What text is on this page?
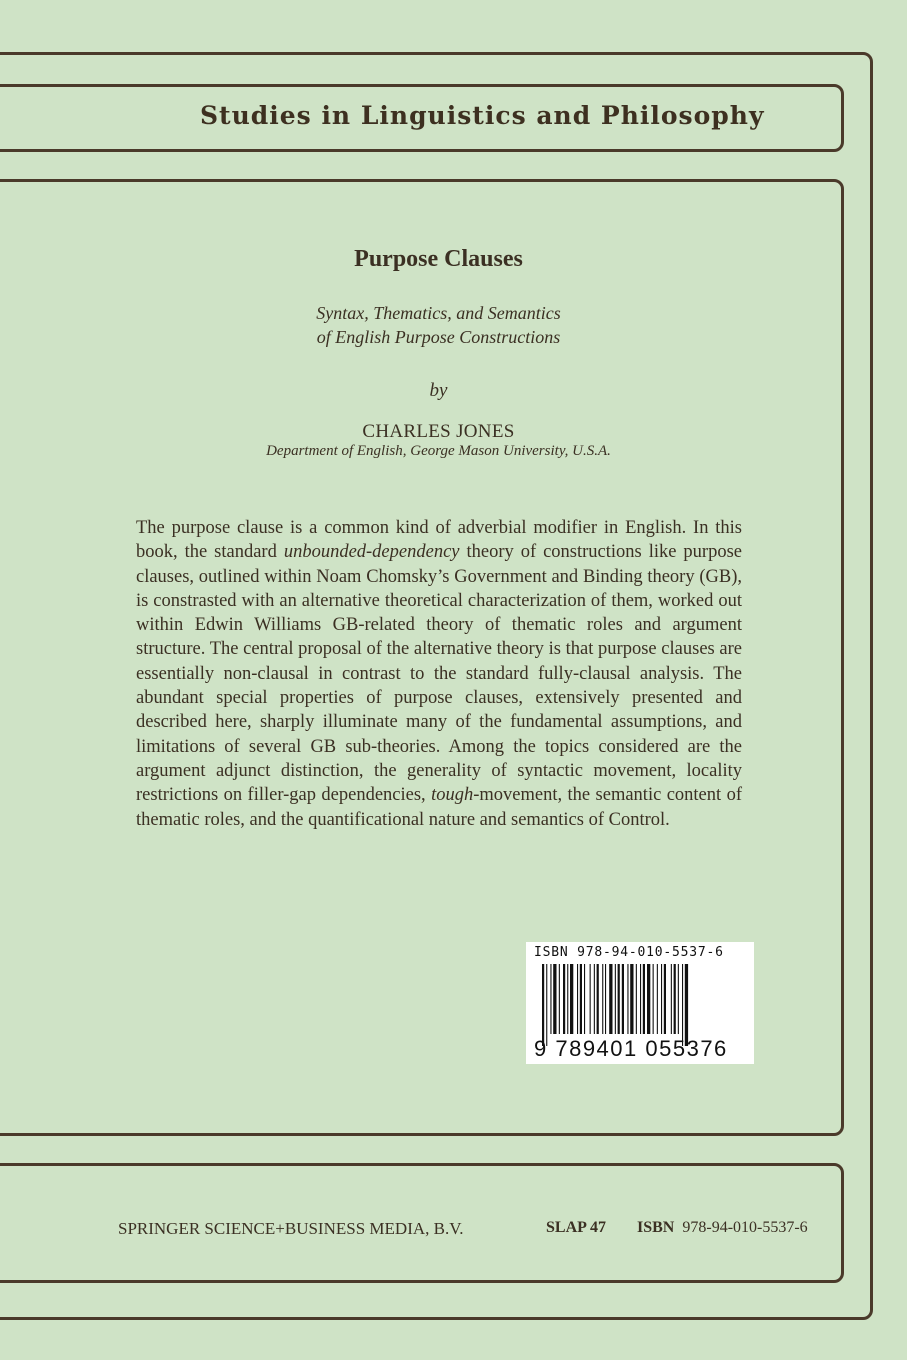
Studies in Linguistics and Philosophy
Purpose Clauses
Syntax, Thematics, and Semantics
of English Purpose Constructions
by
CHARLES JONES
Department of English, George Mason University, U.S.A.
The purpose clause is a common kind of adverbial modifier in English. In this book, the standard unbounded-dependency theory of constructions like purpose clauses, outlined within Noam Chomsky’s Government and Binding theory (GB), is constrasted with an alternative theoretical characterization of them, worked out within Edwin Williams GB-related theory of thematic roles and argument structure. The central proposal of the alternative theory is that purpose clauses are essentially non-clausal in contrast to the standard fully-clausal analysis. The abundant special properties of purpose clauses, extensively presented and described here, sharply illuminate many of the fundamental assumptions, and limitations of several GB sub-theories. Among the topics considered are the argument adjunct distinction, the generality of syntactic movement, locality restrictions on filler-gap dependencies, tough-movement, the semantic content of thematic roles, and the quantificational nature and semantics of Control.
ISBN 978-94-010-5537-6
9 789401 055376
SPRINGER SCIENCE+BUSINESS MEDIA, B.V.	SLAP 47 ISBN 978-94-010-5537-6
